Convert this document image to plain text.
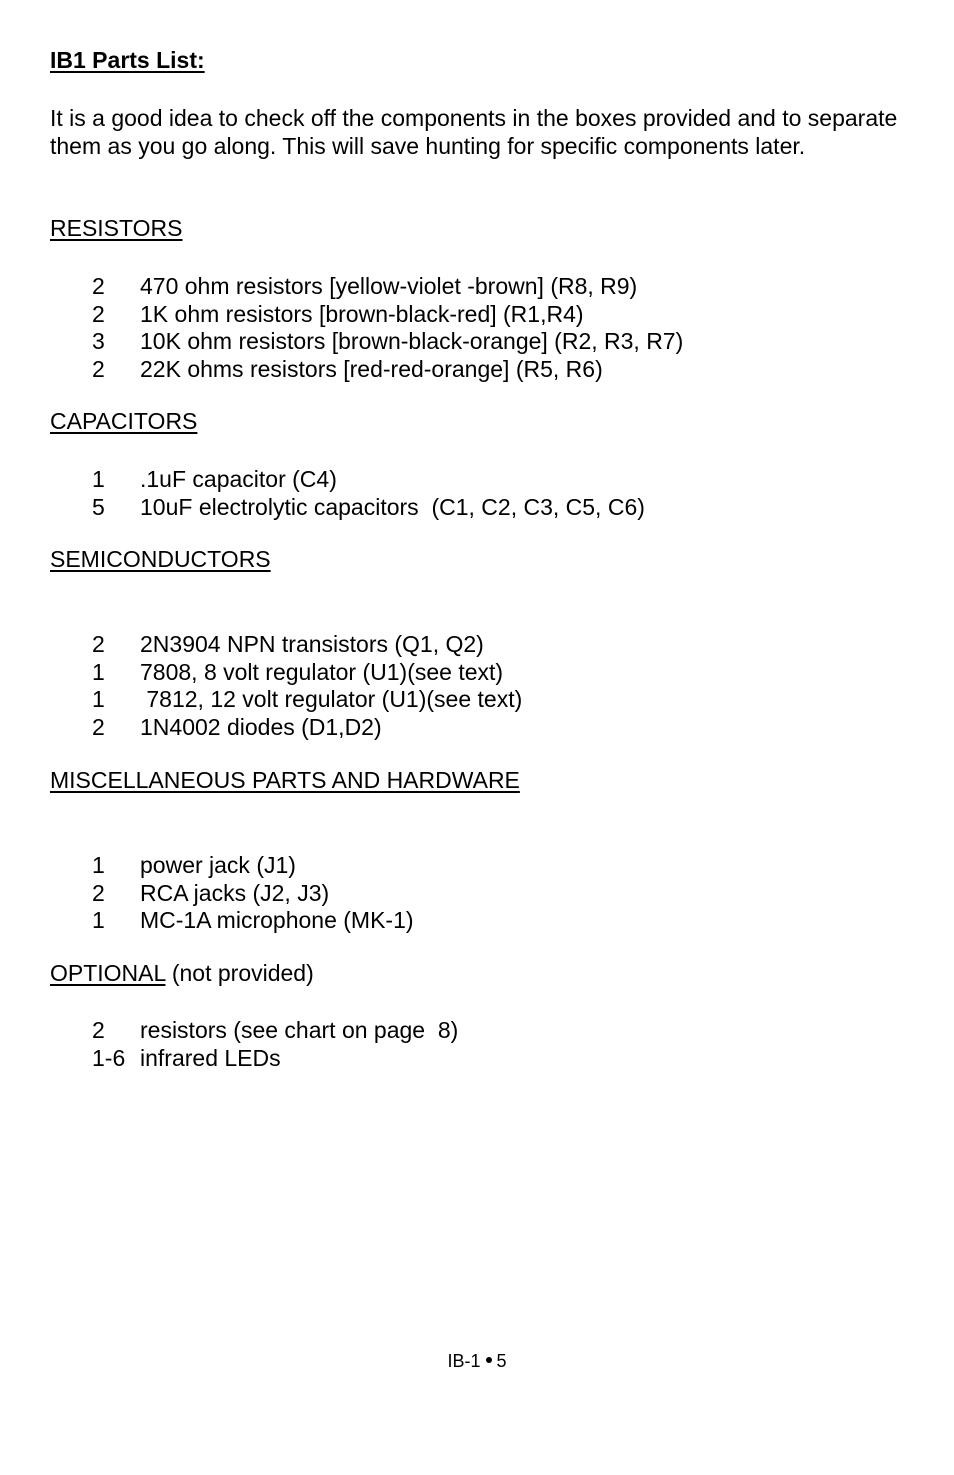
IB1 Parts List:

It is a good idea to check off the components in the boxes provided and to separate them as you go along. This will save hunting for specific components later.

RESISTORS
2 470 ohm resistors [yellow-violet -brown] (R8, R9)
2 1K ohm resistors [brown-black-red] (R1,R4)
3 10K ohm resistors [brown-black-orange] (R2, R3, R7)
2 22K ohms resistors [red-red-orange] (R5, R6)
CAPACITORS
1 .1uF capacitor (C4)
5 10uF electrolytic capacitors  (C1, C2, C3, C5, C6)
SEMICONDUCTORS
2 2N3904 NPN transistors (Q1, Q2)
1 7808, 8 volt regulator (U1)(see text)
1 7812, 12 volt regulator (U1)(see text)
2 1N4002 diodes (D1,D2)
MISCELLANEOUS PARTS AND HARDWARE
1 power jack (J1)
2 RCA jacks (J2, J3)
1 MC-1A microphone (MK-1)
OPTIONAL (not provided)
2 resistors (see chart on page  8)
1-6 infrared LEDs
IB-1 5
